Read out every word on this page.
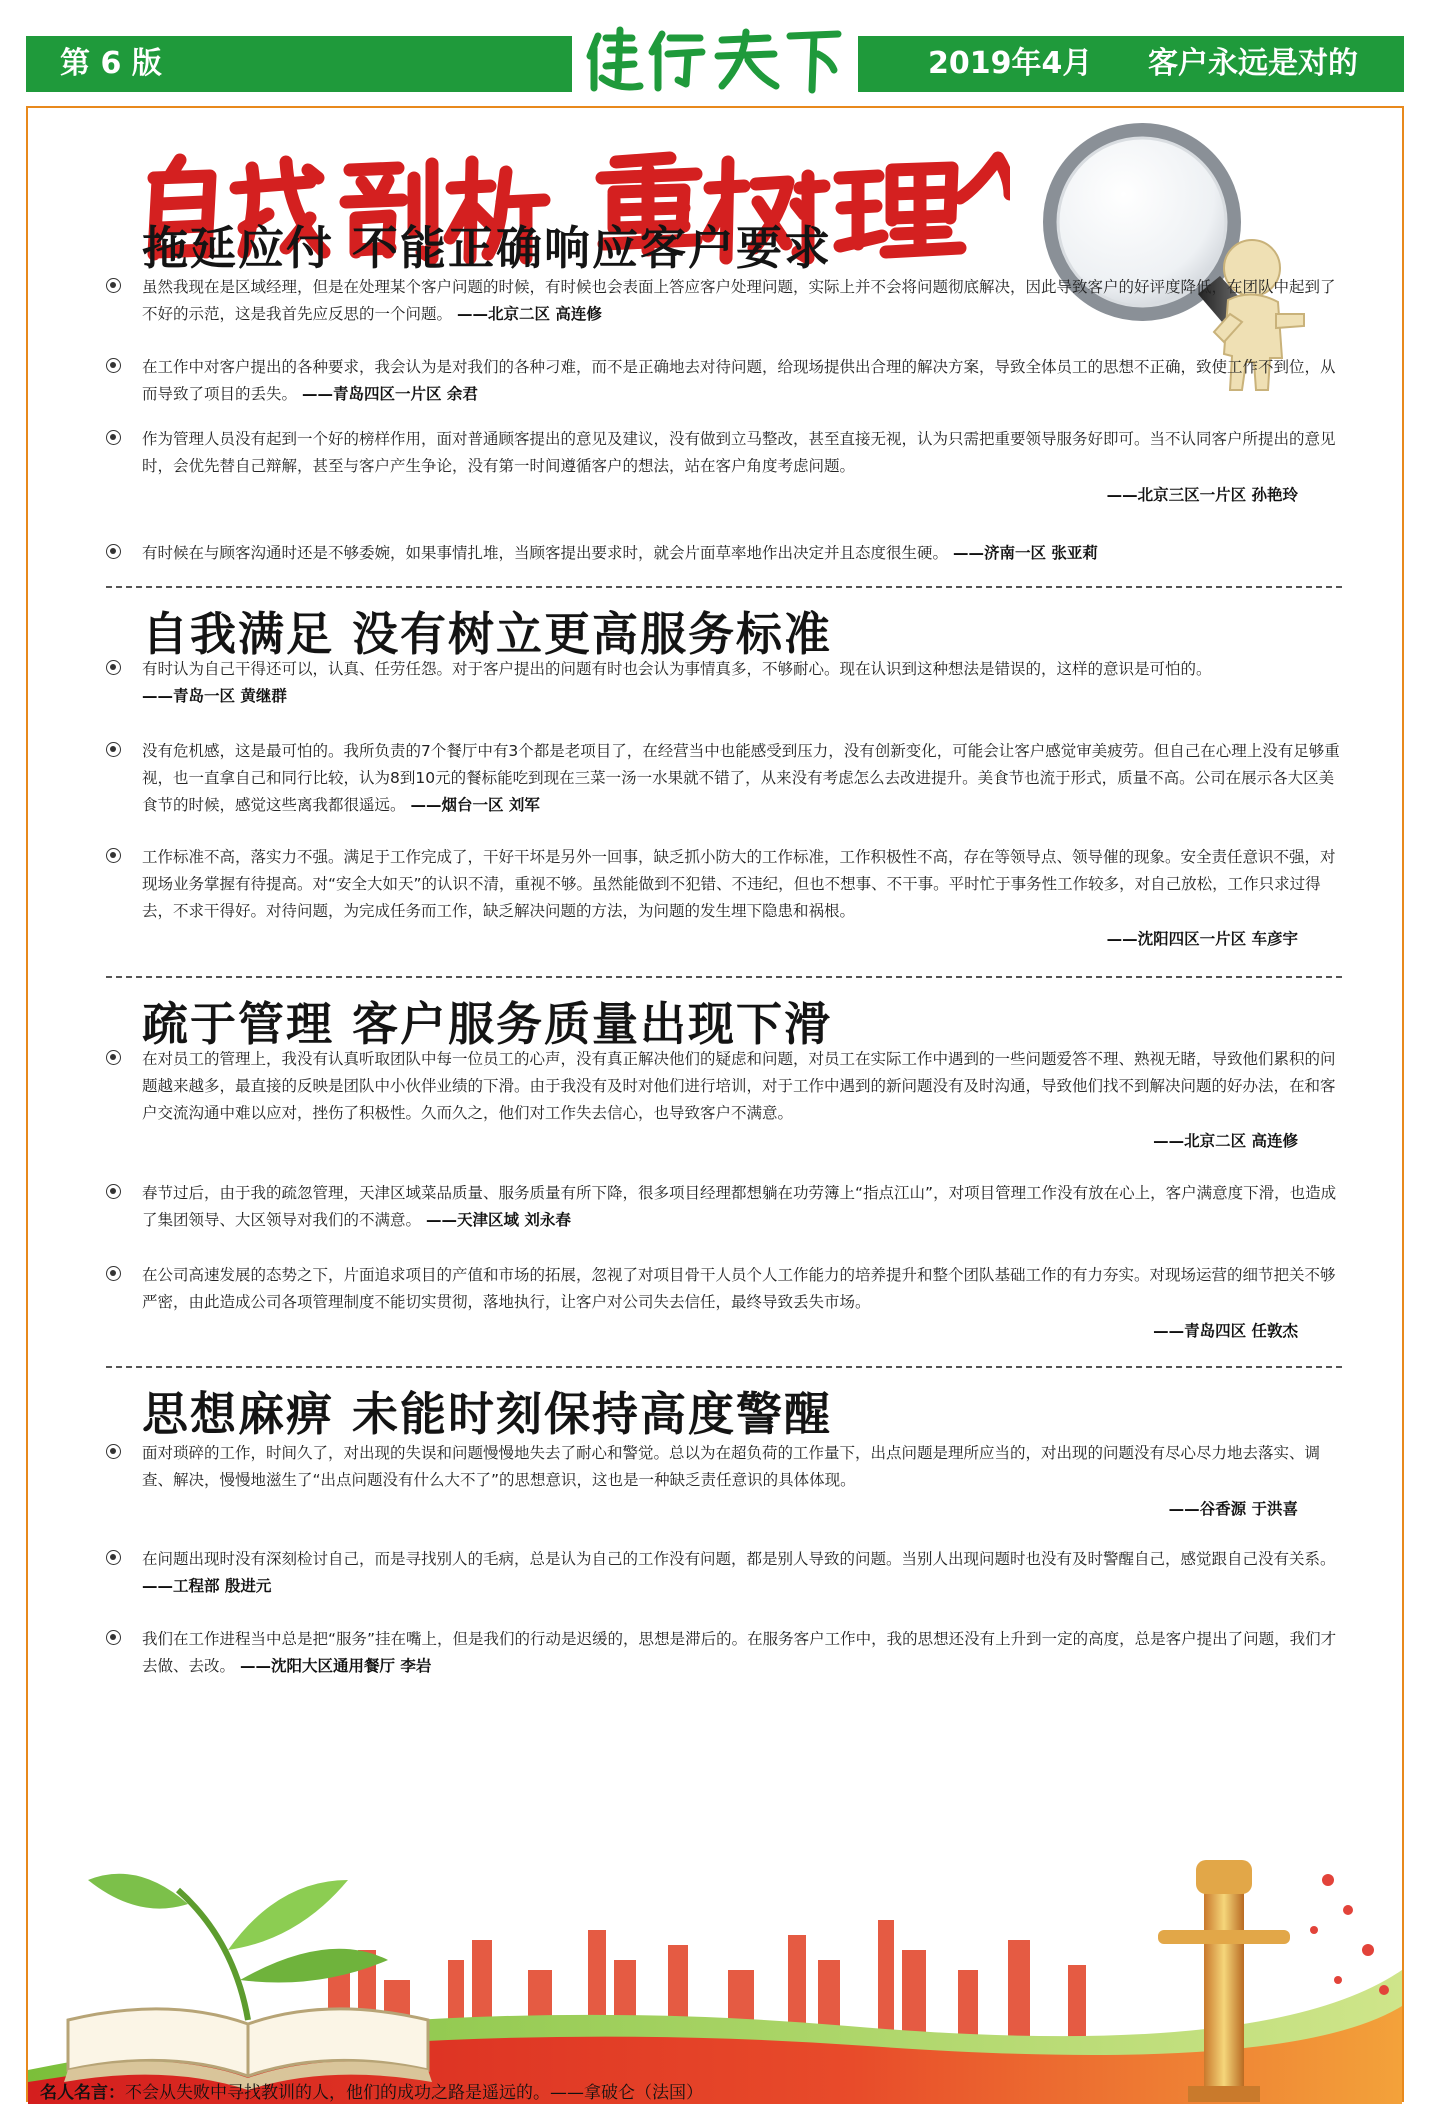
第 6 版	2019年4月 客户永远是对的
拖延应付 不能正确响应客户要求
虽然我现在是区域经理，但是在处理某个客户问题的时候，有时候也会表面上答应客户处理问题，实际上并不会将问题彻底解决，因此导致客户的好评度降低，在团队中起到了不好的示范，这是我首先应反思的一个问题。 ——北京二区 高连修
在工作中对客户提出的各种要求，我会认为是对我们的各种刁难，而不是正确地去对待问题，给现场提供出合理的解决方案，导致全体员工的思想不正确，致使工作不到位，从而导致了项目的丢失。 ——青岛四区一片区 余君
作为管理人员没有起到一个好的榜样作用，面对普通顾客提出的意见及建议，没有做到立马整改，甚至直接无视，认为只需把重要领导服务好即可。当不认同客户所提出的意见时，会优先替自己辩解，甚至与客户产生争论，没有第一时间遵循客户的想法，站在客户角度考虑问题。
——北京三区一片区 孙艳玲
有时候在与顾客沟通时还是不够委婉，如果事情扎堆，当顾客提出要求时，就会片面草率地作出决定并且态度很生硬。 ——济南一区 张亚莉
自我满足 没有树立更高服务标准
有时认为自己干得还可以，认真、任劳任怨。对于客户提出的问题有时也会认为事情真多，不够耐心。现在认识到这种想法是错误的，这样的意识是可怕的。 ——青岛一区 黄继群
没有危机感，这是最可怕的。我所负责的7个餐厅中有3个都是老项目了，在经营当中也能感受到压力，没有创新变化，可能会让客户感觉审美疲劳。但自己在心理上没有足够重视，也一直拿自己和同行比较，认为8到10元的餐标能吃到现在三菜一汤一水果就不错了，从来没有考虑怎么去改进提升。美食节也流于形式，质量不高。公司在展示各大区美食节的时候，感觉这些离我都很遥远。 ——烟台一区 刘军
工作标准不高，落实力不强。满足于工作完成了，干好干坏是另外一回事，缺乏抓小防大的工作标准，工作积极性不高，存在等领导点、领导催的现象。安全责任意识不强，对现场业务掌握有待提高。对“安全大如天”的认识不清，重视不够。虽然能做到不犯错、不违纪，但也不想事、不干事。平时忙于事务性工作较多，对自己放松，工作只求过得去，不求干得好。对待问题，为完成任务而工作，缺乏解决问题的方法，为问题的发生埋下隐患和祸根。
——沈阳四区一片区 车彦宇
疏于管理 客户服务质量出现下滑
在对员工的管理上，我没有认真听取团队中每一位员工的心声，没有真正解决他们的疑虑和问题，对员工在实际工作中遇到的一些问题爱答不理、熟视无睹，导致他们累积的问题越来越多，最直接的反映是团队中小伙伴业绩的下滑。由于我没有及时对他们进行培训，对于工作中遇到的新问题没有及时沟通，导致他们找不到解决问题的好办法，在和客户交流沟通中难以应对，挫伤了积极性。久而久之，他们对工作失去信心，也导致客户不满意。
——北京二区 高连修
春节过后，由于我的疏忽管理，天津区域菜品质量、服务质量有所下降，很多项目经理都想躺在功劳簿上“指点江山”，对项目管理工作没有放在心上，客户满意度下滑，也造成了集团领导、大区领导对我们的不满意。 ——天津区域 刘永春
在公司高速发展的态势之下，片面追求项目的产值和市场的拓展，忽视了对项目骨干人员个人工作能力的培养提升和整个团队基础工作的有力夯实。对现场运营的细节把关不够严密，由此造成公司各项管理制度不能切实贯彻，落地执行，让客户对公司失去信任，最终导致丢失市场。
——青岛四区 任敦杰
思想麻痹 未能时刻保持高度警醒
面对琐碎的工作，时间久了，对出现的失误和问题慢慢地失去了耐心和警觉。总以为在超负荷的工作量下，出点问题是理所应当的，对出现的问题没有尽心尽力地去落实、调查、解决，慢慢地滋生了“出点问题没有什么大不了”的思想意识，这也是一种缺乏责任意识的具体体现。
——谷香源 于洪喜
在问题出现时没有深刻检讨自己，而是寻找别人的毛病，总是认为自己的工作没有问题，都是别人导致的问题。当别人出现问题时也没有及时警醒自己，感觉跟自己没有关系。 ——工程部 殷进元
我们在工作进程当中总是把“服务”挂在嘴上，但是我们的行动是迟缓的，思想是滞后的。在服务客户工作中，我的思想还没有上升到一定的高度，总是客户提出了问题，我们才去做、去改。 ——沈阳大区通用餐厅 李岩
名人名言：不会从失败中寻找教训的人，他们的成功之路是遥远的。——拿破仑（法国）
